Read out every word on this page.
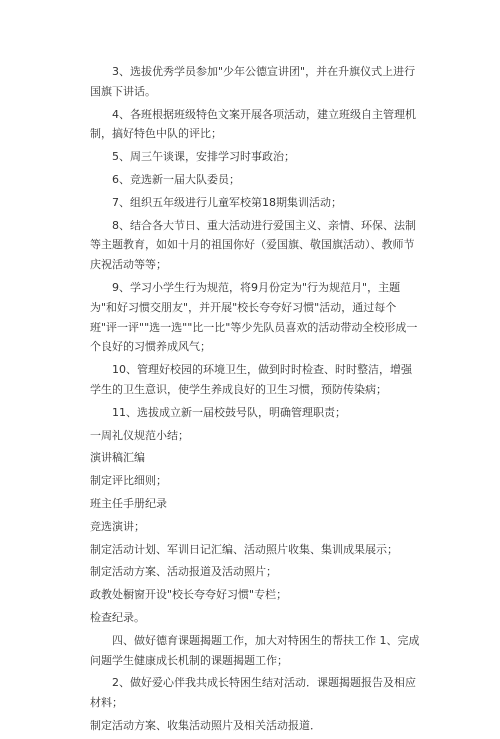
3、选拔优秀学员参加"少年公德宣讲团"，并在升旗仪式上进行国旗下讲话。

4、各班根据班级特色文案开展各项活动，建立班级自主管理机制，搞好特色中队的评比；

5、周三午谈课，安排学习时事政治；

6、竞选新一届大队委员；

7、组织五年级进行儿童军校第18期集训活动；

8、结合各大节日、重大活动进行爱国主义、亲情、环保、法制等主题教育，如如十月的祖国你好（爱国旗、敬国旗活动）、教师节庆祝活动等等；

9、学习小学生行为规范，将9月份定为"行为规范月"，主题为"和好习惯交朋友"，并开展"校长夸夸好习惯"活动，通过每个班"评一评""选一选""比一比"等少先队员喜欢的活动带动全校形成一个良好的习惯养成风气；

10、管理好校园的环境卫生，做到时时检查、时时整洁，增强学生的卫生意识，使学生养成良好的卫生习惯，预防传染病；

11、选拔成立新一届校鼓号队，明确管理职责；

一周礼仪规范小结；

演讲稿汇编

制定评比细则；

班主任手册纪录

竞选演讲；

制定活动计划、军训日记汇编、活动照片收集、集训成果展示；

制定活动方案、活动报道及活动照片；

政教处橱窗开设"校长夸夸好习惯"专栏；

检查纪录。

四、做好德育课题揭题工作，加大对特困生的帮扶工作 1、完成问题学生健康成长机制的课题揭题工作；

2、做好爱心伴我共成长特困生结对活动．课题揭题报告及相应材料；

制定活动方案、收集活动照片及相关活动报道．
